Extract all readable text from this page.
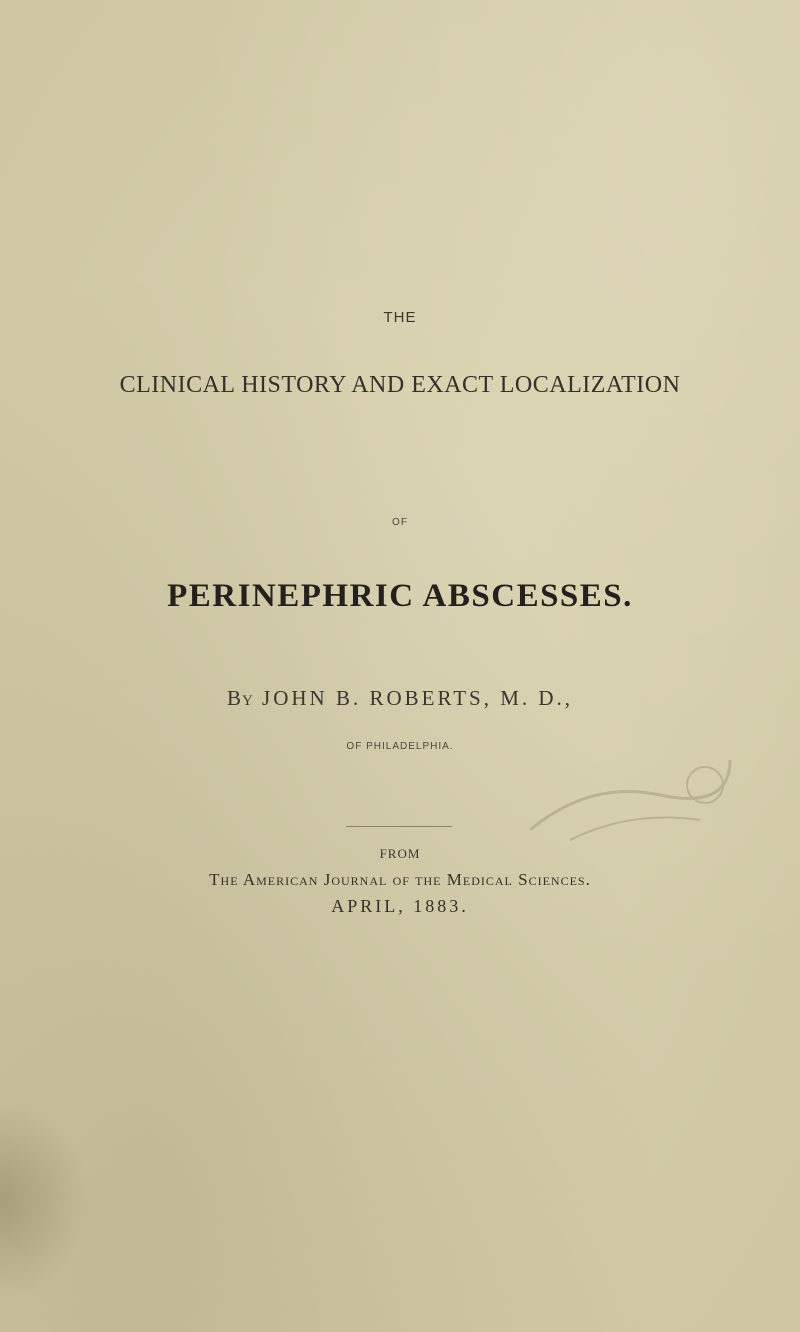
THE
CLINICAL HISTORY AND EXACT LOCALIZATION
OF
PERINEPHRIC ABSCESSES.
By JOHN B. ROBERTS, M. D.,
OF PHILADELPHIA.
FROM
The American Journal of the Medical Sciences.
APRIL, 1883.
